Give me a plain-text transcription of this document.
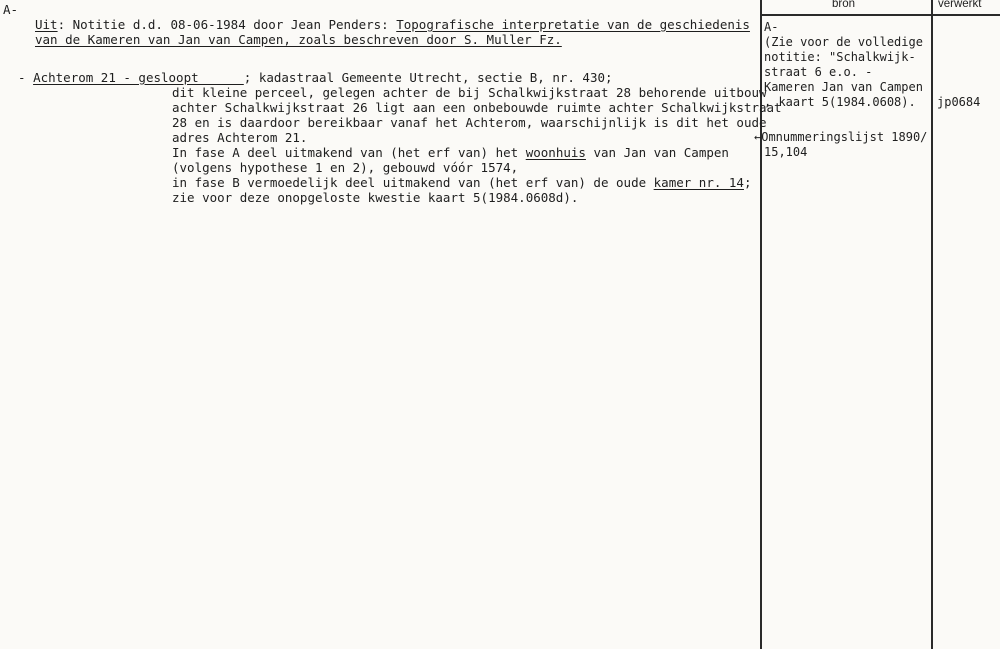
bron	verwerkt
A-
Uit: Notitie d.d. 08-06-1984 door Jean Penders: Topografische interpretatie van de geschiedenis
van de Kameren van Jan van Campen, zoals beschreven door S. Muller Fz.
- Achterom 21 - gesloopt      ; kadastraal Gemeente Utrecht, sectie B, nr. 430;
dit kleine perceel, gelegen achter de bij Schalkwijkstraat 28 behorende uitbouw
achter Schalkwijkstraat 26 ligt aan een onbebouwde ruimte achter Schalkwijkstraat
28 en is daardoor bereikbaar vanaf het Achterom, waarschijnlijk is dit het oude
adres Achterom 21.
In fase A deel uitmakend van (het erf van) het woonhuis van Jan van Campen
(volgens hypothese 1 en 2), gebouwd vóór 1574,
in fase B vermoedelijk deel uitmakend van (het erf van) de oude kamer nr. 14;
zie voor deze onopgeloste kwestie kaart 5(1984.0608d).
A-
(Zie voor de volledige
notitie: "Schalkwijk-
straat 6 e.o. -
Kameren Jan van Campen
, kaart 5(1984.0608).
←Omnummeringslijst 1890/
15,104
jp0684
